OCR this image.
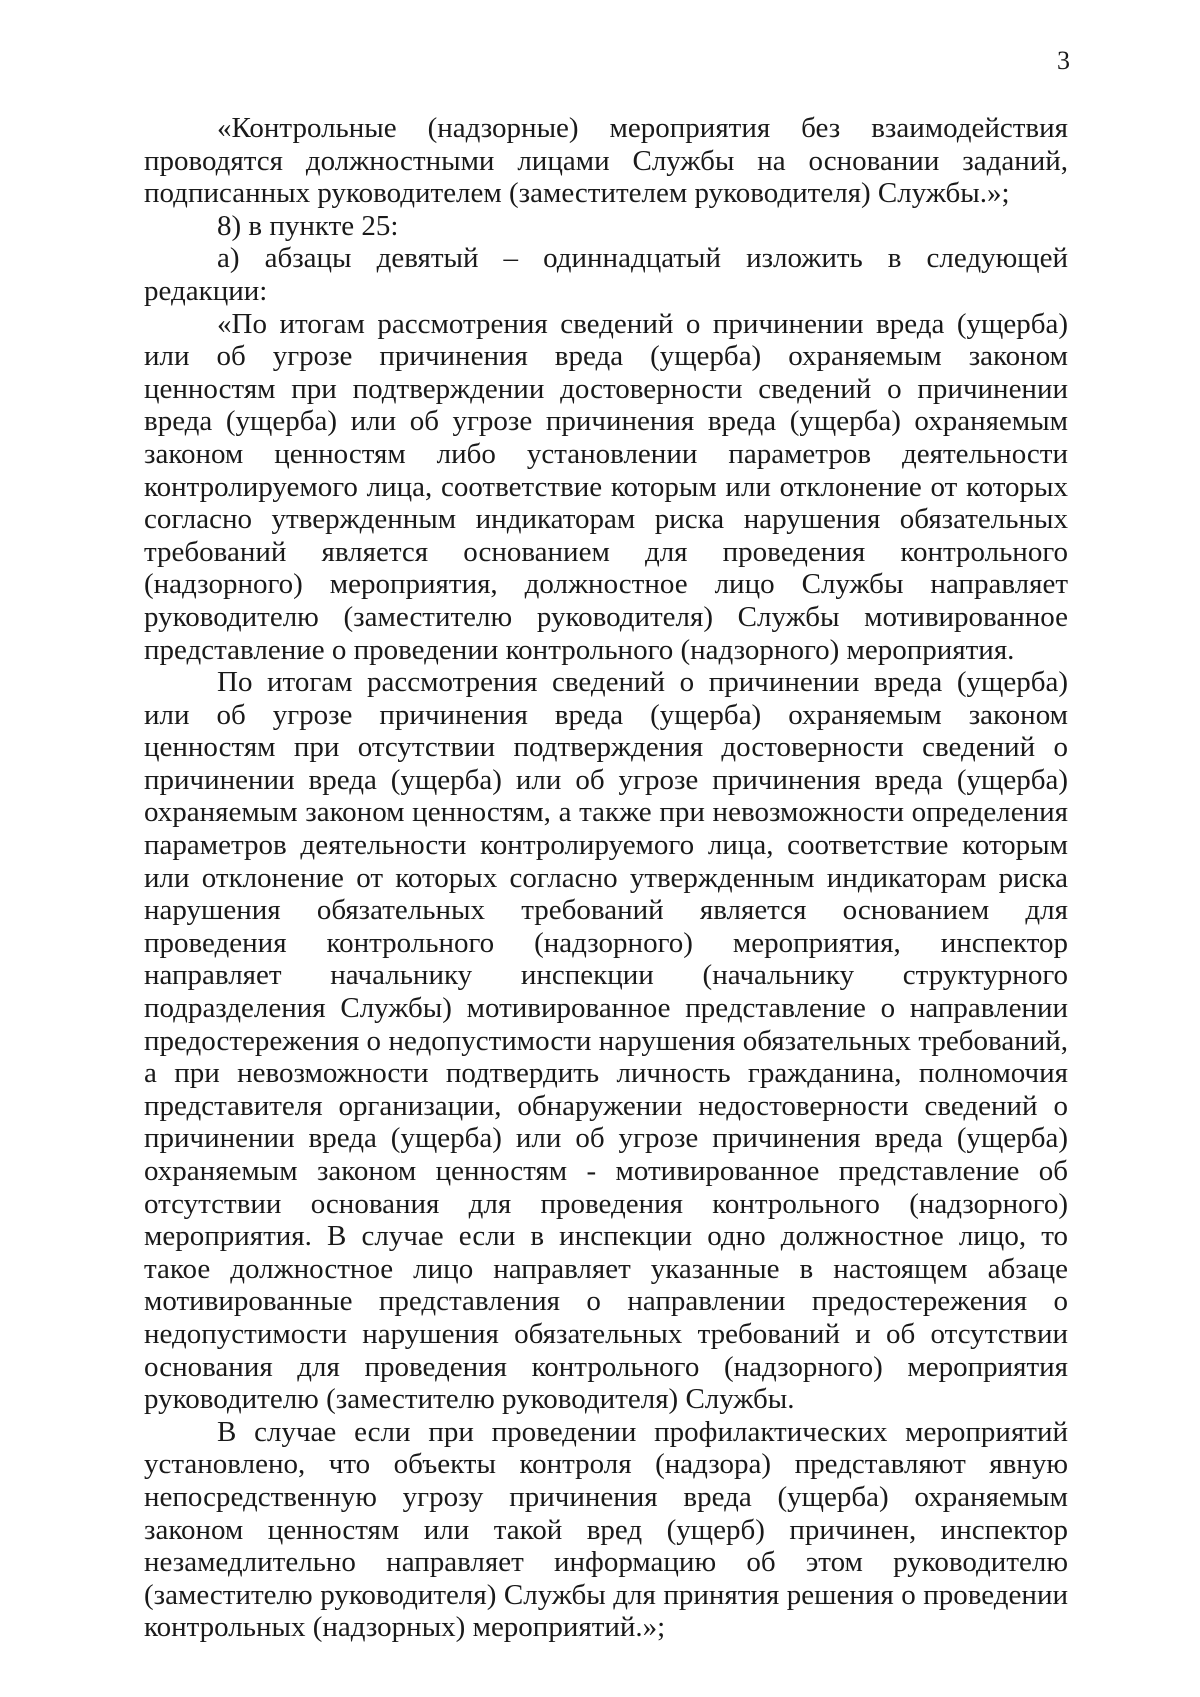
3

«Контрольные (надзорные) мероприятия без взаимодействия проводятся должностными лицами Службы на основании заданий, подписанных руководителем (заместителем руководителя) Службы.»;

8) в пункте 25:

а) абзацы девятый – одиннадцатый изложить в следующей редакции:

«По итогам рассмотрения сведений о причинении вреда (ущерба) или об угрозе причинения вреда (ущерба) охраняемым законом ценностям при подтверждении достоверности сведений о причинении вреда (ущерба) или об угрозе причинения вреда (ущерба) охраняемым законом ценностям либо установлении параметров деятельности контролируемого лица, соответствие которым или отклонение от которых согласно утвержденным индикаторам риска нарушения обязательных требований является основанием для проведения контрольного (надзорного) мероприятия, должностное лицо Службы направляет руководителю (заместителю руководителя) Службы мотивированное представление о проведении контрольного (надзорного) мероприятия.

По итогам рассмотрения сведений о причинении вреда (ущерба) или об угрозе причинения вреда (ущерба) охраняемым законом ценностям при отсутствии подтверждения достоверности сведений о причинении вреда (ущерба) или об угрозе причинения вреда (ущерба) охраняемым законом ценностям, а также при невозможности определения параметров деятельности контролируемого лица, соответствие которым или отклонение от которых согласно утвержденным индикаторам риска нарушения обязательных требований является основанием для проведения контрольного (надзорного) мероприятия, инспектор направляет начальнику инспекции (начальнику структурного подразделения Службы) мотивированное представление о направлении предостережения о недопустимости нарушения обязательных требований, а при невозможности подтвердить личность гражданина, полномочия представителя организации, обнаружении недостоверности сведений о причинении вреда (ущерба) или об угрозе причинения вреда (ущерба) охраняемым законом ценностям - мотивированное представление об отсутствии основания для проведения контрольного (надзорного) мероприятия. В случае если в инспекции одно должностное лицо, то такое должностное лицо направляет указанные в настоящем абзаце мотивированные представления о направлении предостережения о недопустимости нарушения обязательных требований и об отсутствии основания для проведения контрольного (надзорного) мероприятия руководителю (заместителю руководителя) Службы.

В случае если при проведении профилактических мероприятий установлено, что объекты контроля (надзора) представляют явную непосредственную угрозу причинения вреда (ущерба) охраняемым законом ценностям или такой вред (ущерб) причинен, инспектор незамедлительно направляет информацию об этом руководителю (заместителю руководителя) Службы для принятия решения о проведении контрольных (надзорных) мероприятий.»;
